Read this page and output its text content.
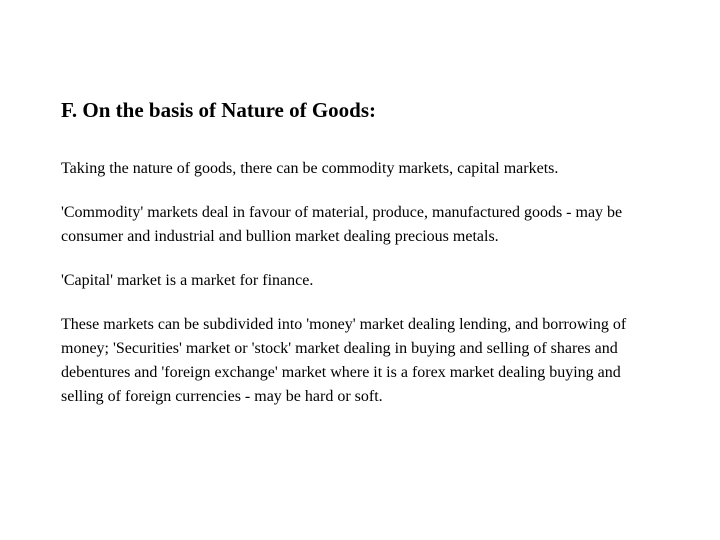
F. On the basis of Nature of Goods:

Taking the nature of goods, there can be commodity markets, capital markets.

'Commodity' markets deal in favour of material, produce, manufactured goods - may be consumer and industrial and bullion market dealing precious metals.

'Capital' market is a market for finance.

These markets can be subdivided into 'money' market dealing lending, and borrowing of money; 'Securities' market or 'stock' market dealing in buying and selling of shares and debentures and 'foreign exchange' market where it is a forex market dealing buying and selling of foreign currencies - may be hard or soft.
